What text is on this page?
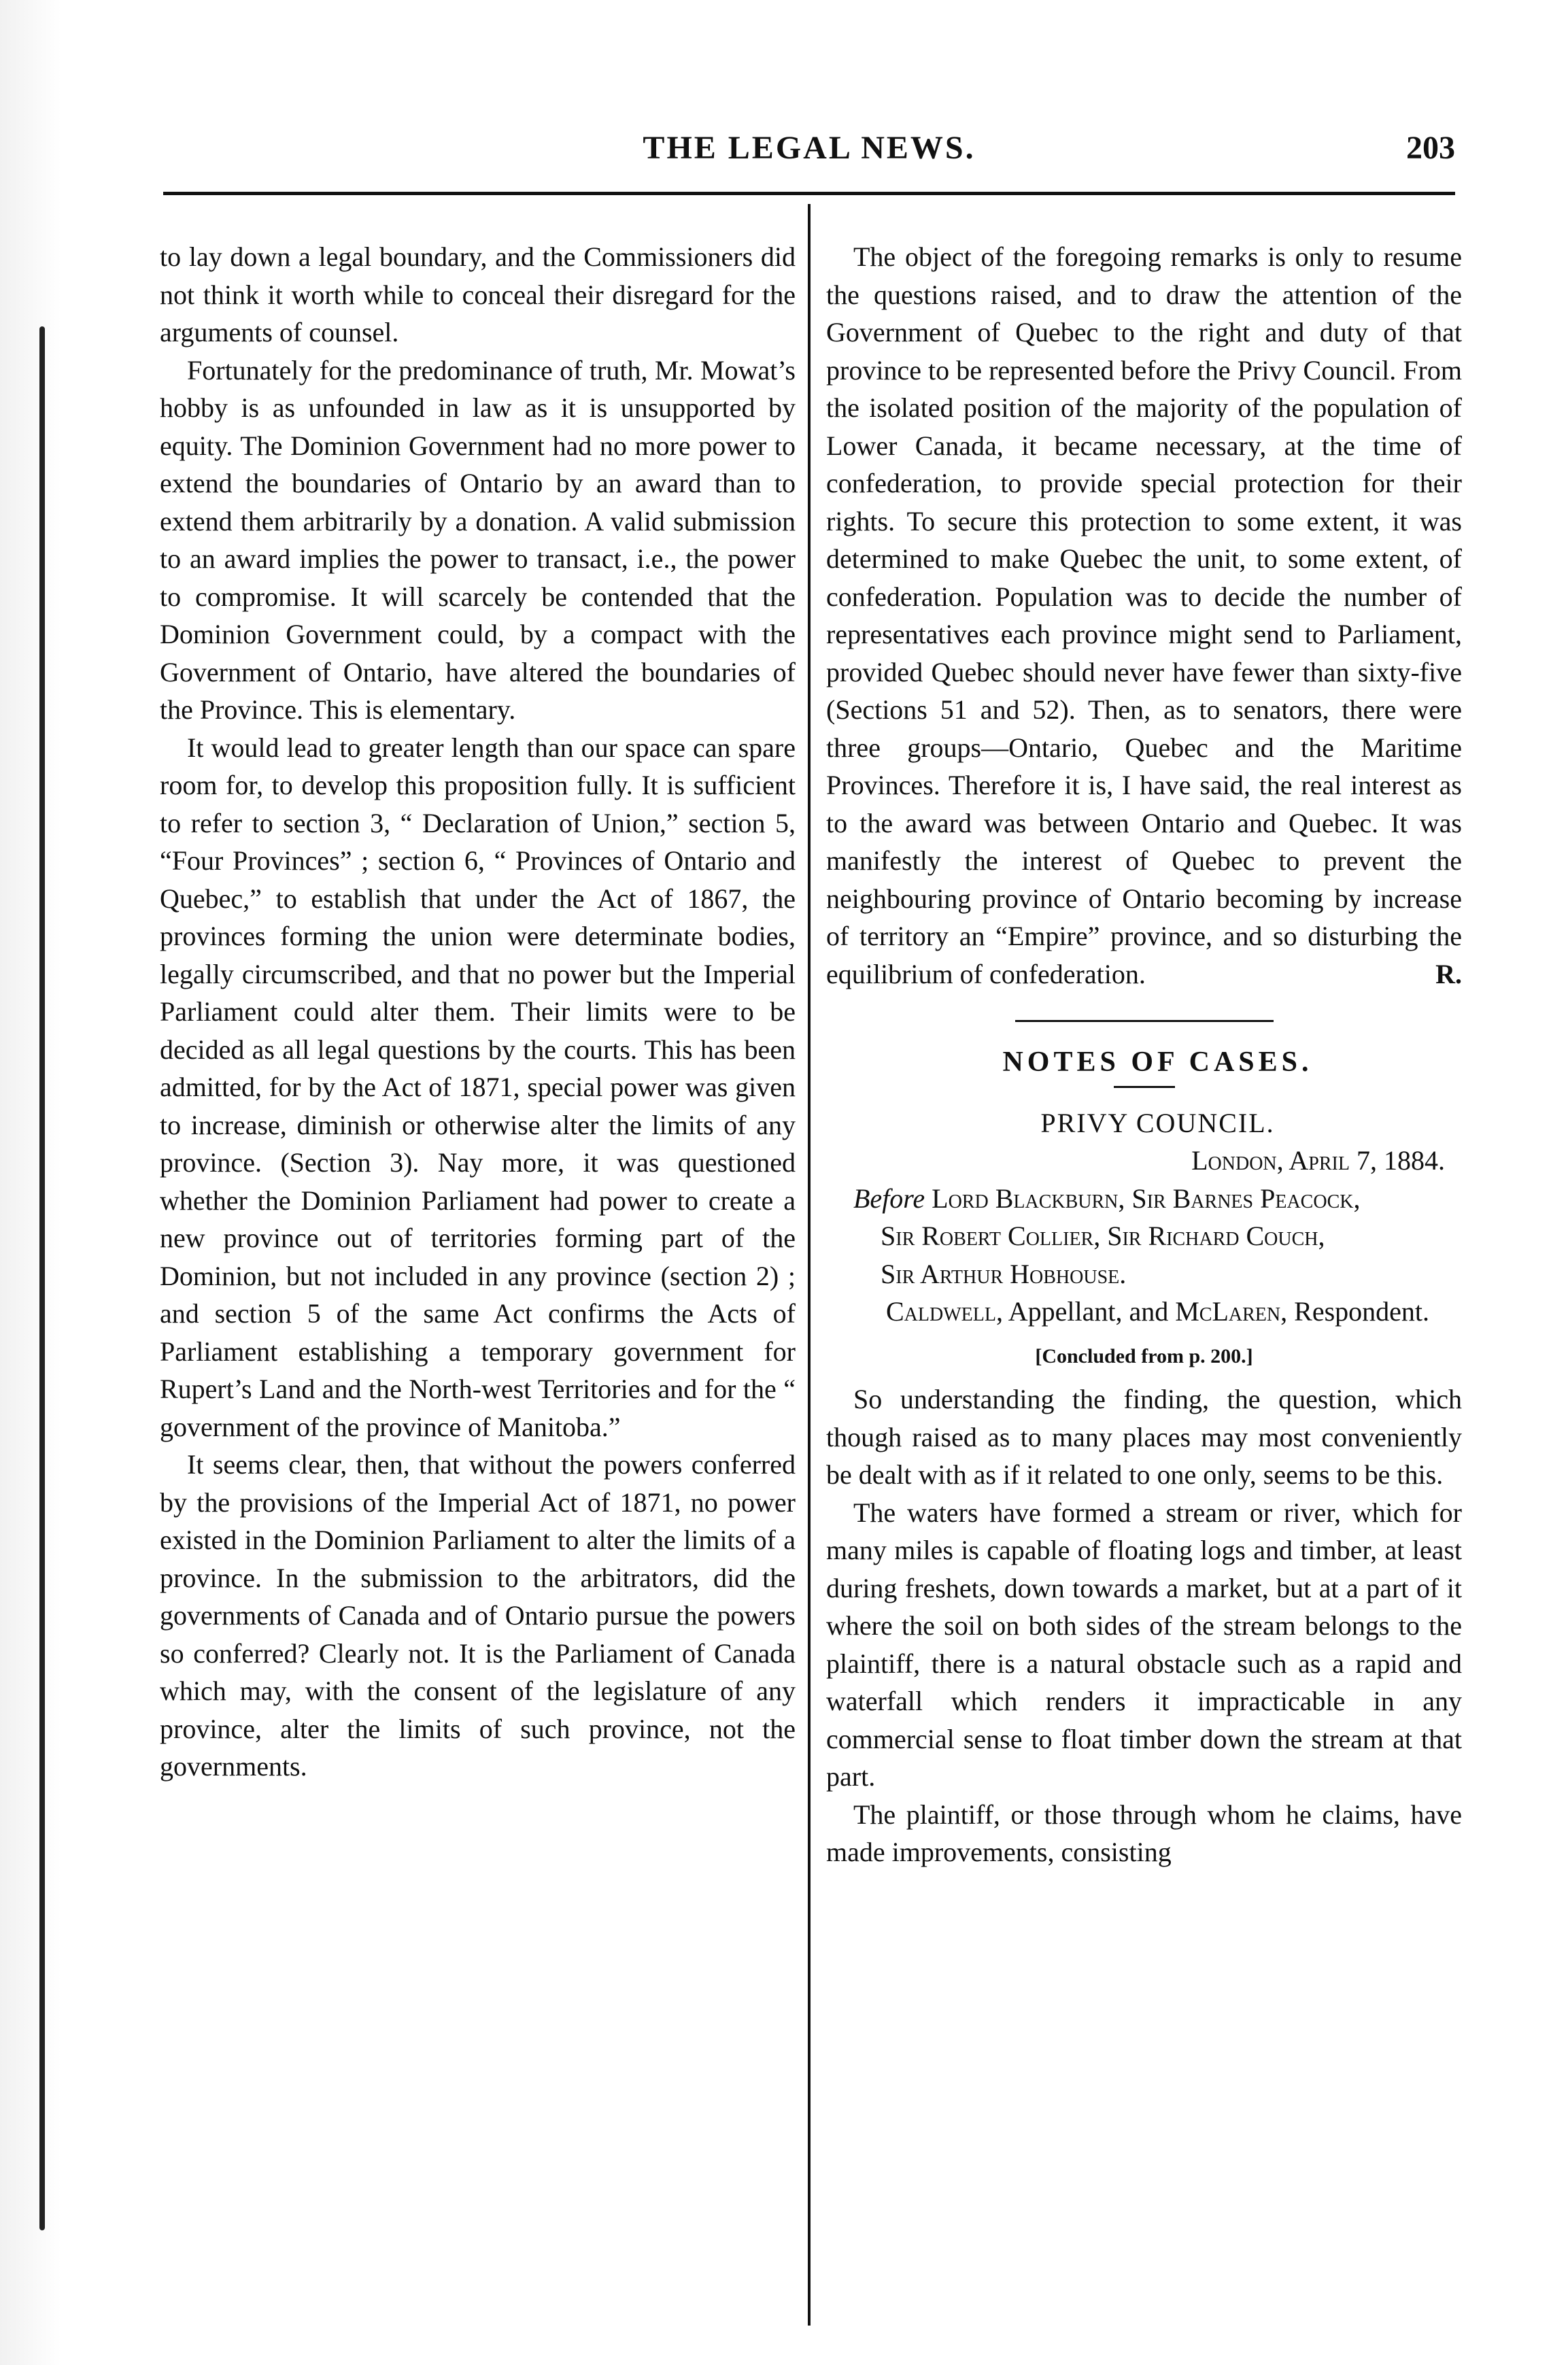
THE LEGAL NEWS.	203

to lay down a legal boundary, and the Commissioners did not think it worth while to conceal their disregard for the arguments of counsel.

Fortunately for the predominance of truth, Mr. Mowat’s hobby is as unfounded in law as it is unsupported by equity. The Dominion Government had no more power to extend the boundaries of Ontario by an award than to extend them arbitrarily by a donation. A valid submission to an award implies the power to transact, i.e., the power to compromise. It will scarcely be contended that the Dominion Government could, by a compact with the Government of Ontario, have altered the boundaries of the Province. This is elementary.

It would lead to greater length than our space can spare room for, to develop this proposition fully. It is sufficient to refer to section 3, “ Declaration of Union,” section 5, “Four Provinces” ; section 6, “ Provinces of Ontario and Quebec,” to establish that under the Act of 1867, the provinces forming the union were determinate bodies, legally circumscribed, and that no power but the Imperial Parliament could alter them. Their limits were to be decided as all legal questions by the courts. This has been admitted, for by the Act of 1871, special power was given to increase, diminish or otherwise alter the limits of any province. (Section 3). Nay more, it was questioned whether the Dominion Parliament had power to create a new province out of territories forming part of the Dominion, but not included in any province (section 2) ; and section 5 of the same Act confirms the Acts of Parliament establishing a temporary government for Rupert’s Land and the North-west Territories and for the “ government of the province of Manitoba.”

It seems clear, then, that without the powers conferred by the provisions of the Imperial Act of 1871, no power existed in the Dominion Parliament to alter the limits of a province. In the submission to the arbitrators, did the governments of Canada and of Ontario pursue the powers so conferred? Clearly not. It is the Parliament of Canada which may, with the consent of the legislature of any province, alter the limits of such province, not the governments.

The object of the foregoing remarks is only to resume the questions raised, and to draw the attention of the Government of Quebec to the right and duty of that province to be represented before the Privy Council. From the isolated position of the majority of the population of Lower Canada, it became necessary, at the time of confederation, to provide special protection for their rights. To secure this protection to some extent, it was determined to make Quebec the unit, to some extent, of confederation. Population was to decide the number of representatives each province might send to Parliament, provided Quebec should never have fewer than sixty-five (Sections 51 and 52). Then, as to senators, there were three groups—Ontario, Quebec and the Maritime Provinces. Therefore it is, I have said, the real interest as to the award was between Ontario and Quebec. It was manifestly the interest of Quebec to prevent the neighbouring province of Ontario becoming by increase of territory an “Empire” province, and so disturbing the equilibrium of confederation.	R.

NOTES OF CASES.

PRIVY COUNCIL.

London, April 7, 1884.

Before Lord Blackburn, Sir Barnes Peacock,
Sir Robert Collier, Sir Richard Couch,
Sir Arthur Hobhouse.

Caldwell, Appellant, and McLaren, Respondent.

[Concluded from p. 200.]

So understanding the finding, the question, which though raised as to many places may most conveniently be dealt with as if it related to one only, seems to be this.

The waters have formed a stream or river, which for many miles is capable of floating logs and timber, at least during freshets, down towards a market, but at a part of it where the soil on both sides of the stream belongs to the plaintiff, there is a natural obstacle such as a rapid and waterfall which renders it impracticable in any commercial sense to float timber down the stream at that part.

The plaintiff, or those through whom he claims, have made improvements, consisting
